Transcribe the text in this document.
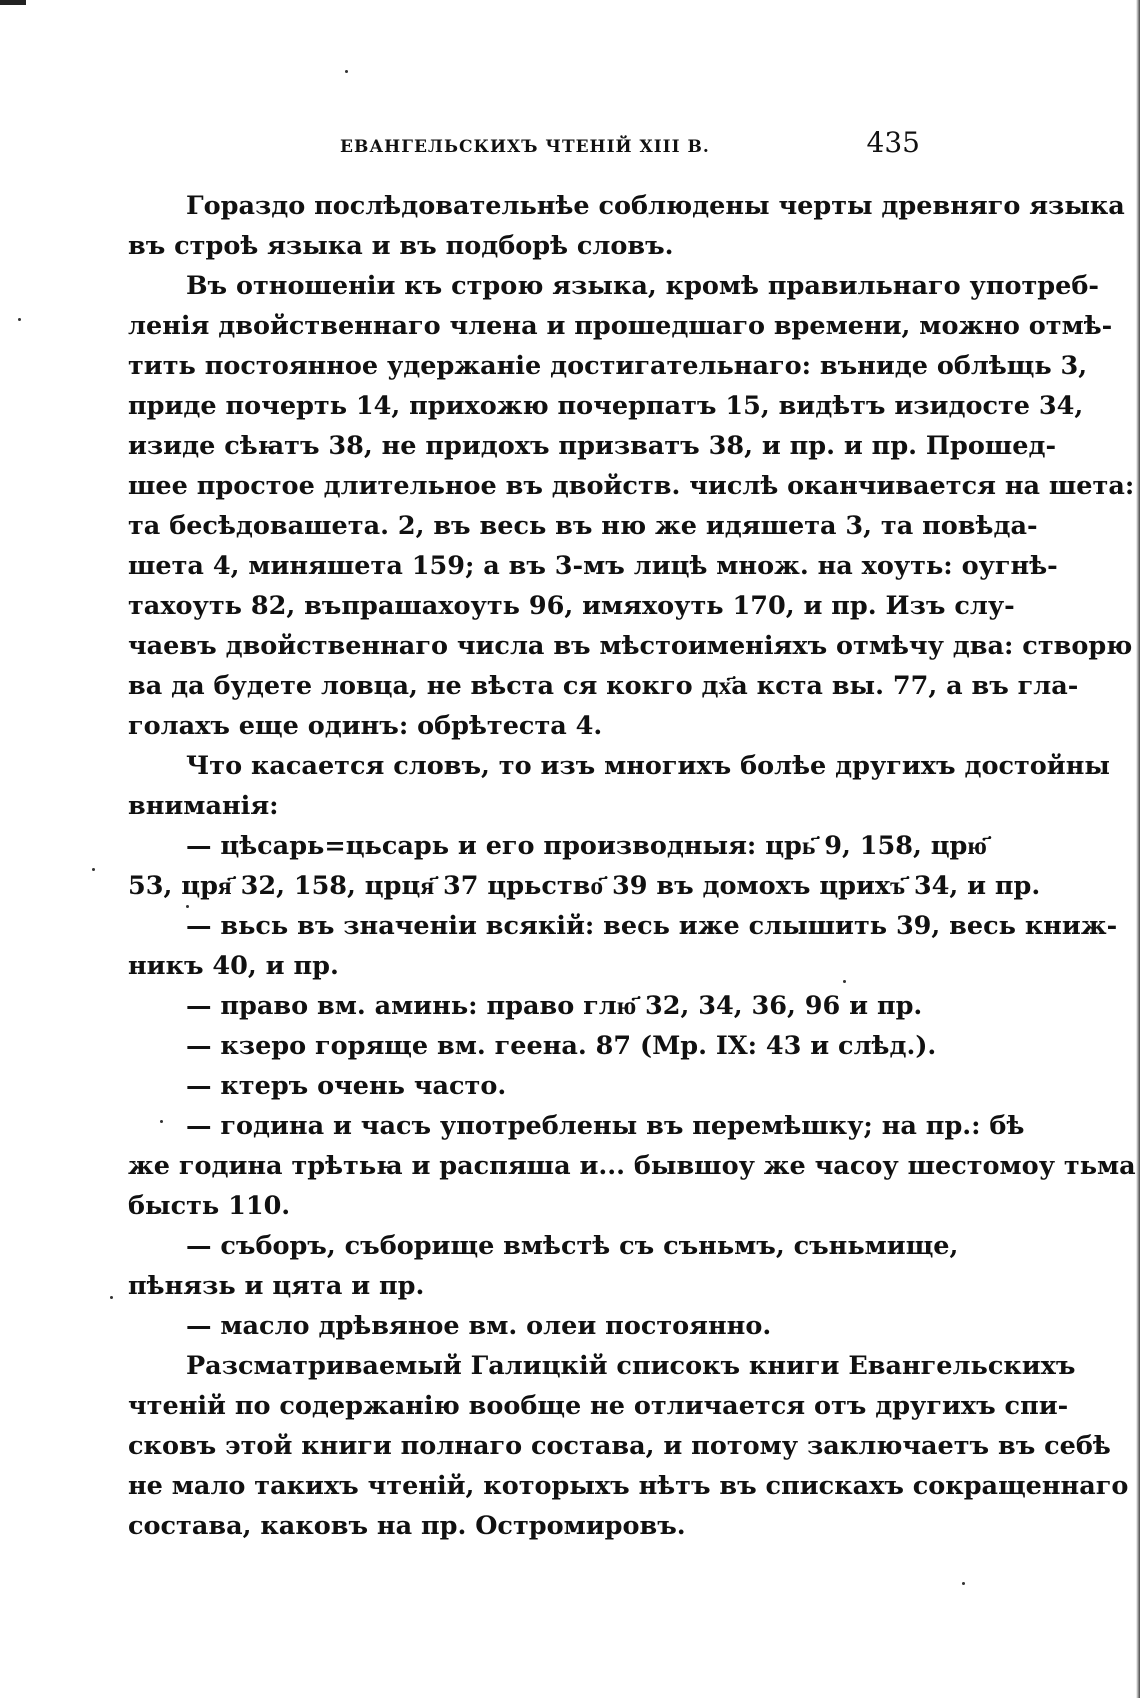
ЕВАНГЕЛЬСКИХЪ ЧТЕНІЙ XIII В.	435
Гораздо послѣдовательнѣе соблюдены черты древняго языка
въ строѣ языка и въ подборѣ словъ.
Въ отношеніи къ строю языка, кромѣ правильнаго употреб-
ленія двойственнаго члена и прошедшаго времени, можно отмѣ-
тить постоянное удержаніе достигательнаго: вънидe облѣщь 3,
приде почерть 14, прихожю почерпатъ 15, видѣтъ изидосте 34,
изиде сѣꙗтъ 38, не придохъ призватъ 38, и пр. и пр. Прошед-
шее простое длительное въ двойств. числѣ оканчивается на шета:
та бесѣдовашета. 2, въ весь въ ню же идяшета 3, та повѣда-
шета 4, миняшета 159; а въ 3-мъ лицѣ множ. на хоуть: оугнѣ-
тахоуть 82, въпрашахоуть 96, имяхоуть 170, и пр. Изъ слу-
чаевъ двойственнаго числа въ мѣстоименіяхъ отмѣчу два: створю
ва да будете ловца, не вѣста ся кокго дх҃а кста вы. 77, а въ гла-
голахъ еще одинъ: обрѣтеста 4.
Что касается словъ, то изъ многихъ болѣе другихъ достойны
вниманія:
— цѣсарь=цьсарь и его производныя: црь҃ 9, 158, црю҃
53, цря҃ 32, 158, црця҃ 37 црьство҃ 39 въ домохъ црихъ҃ 34, и пр.
— вьсь въ значеніи всякій: весь иже слышить 39, весь книж-
никъ 40, и пр.
— право вм. аминь: право глю҃ 32, 34, 36, 96 и пр.
— кзеро горяще вм. геена. 87 (Мр. IX: 43 и слѣд.).
— ктеръ очень часто.
— година и часъ употреблены въ перемѣшку; на пр.: бѣ
же година трѣтьꙗ и распяша и... бывшоу же часоу шестомоу тьма
бысть 110.
— съборъ, съборище вмѣстѣ съ съньмъ, съньмище,
пѣнязь и цята и пр.
— масло дрѣвяное вм. олеи постоянно.
Разсматриваемый Галицкій списокъ книги Евангельскихъ
чтеній по содержанію вообще не отличается отъ другихъ спи-
сковъ этой книги полнаго состава, и потому заключаетъ въ себѣ
не мало такихъ чтеній, которыхъ нѣтъ въ спискахъ сокращеннаго
состава, каковъ на пр. Остромировъ.
